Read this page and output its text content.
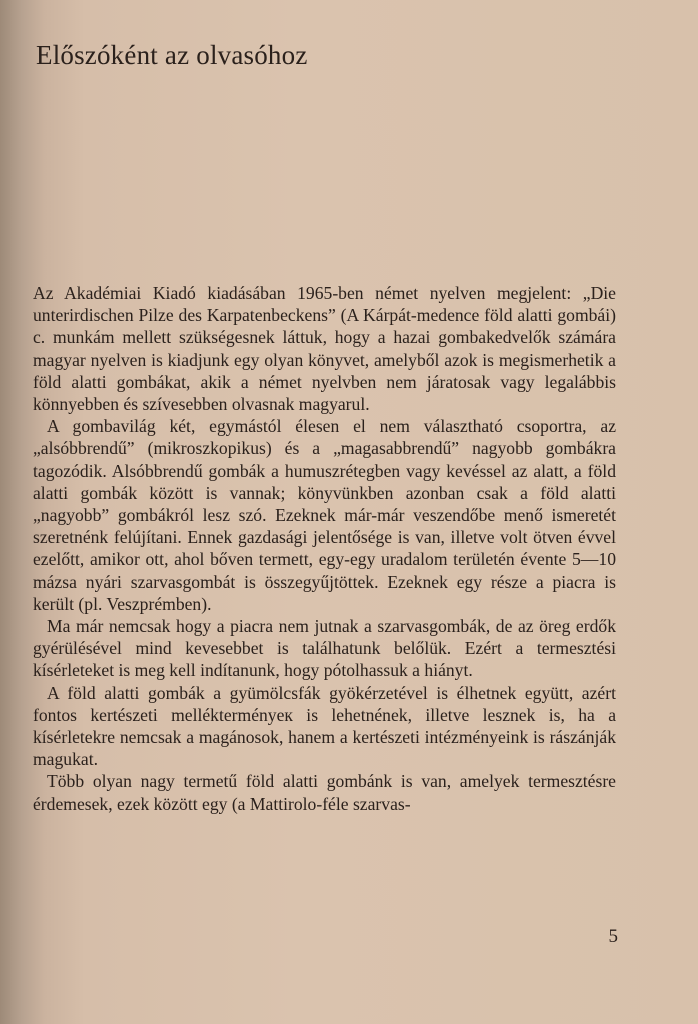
Előszóként az olvasóhoz

Az Akadémiai Kiadó kiadásában 1965-ben német nyelven megjelent: „Die unterirdischen Pilze des Karpatenbeckens” (A Kárpát-medence föld alatti gombái) c. munkám mellett szükségesnek láttuk, hogy a hazai gombakedvelők számára magyar nyelven is kiadjunk egy olyan könyvet, amelyből azok is megismerhetik a föld alatti gombákat, akik a német nyelvben nem járatosak vagy legalábbis könnyebben és szívesebben olvasnak magyarul.

A gombavilág két, egymástól élesen el nem választható csoportra, az „alsóbbrendű” (mikroszkopikus) és a „magasabbrendű” nagyobb gombákra tagozódik. Alsóbbrendű gombák a humuszrétegben vagy kevéssel az alatt, a föld alatti gombák között is vannak; könyvünkben azonban csak a föld alatti „nagyobb” gombákról lesz szó. Ezeknek már-már veszendőbe menő ismeretét szeretnénk felújítani. Ennek gazdasági jelentősége is van, illetve volt ötven évvel ezelőtt, amikor ott, ahol bőven termett, egy-egy uradalom területén évente 5—10 mázsa nyári szarvasgombát is összegyűjtöttek. Ezeknek egy része a piacra is került (pl. Veszprémben).

Ma már nemcsak hogy a piacra nem jutnak a szarvasgombák, de az öreg erdők gyérülésével mind kevesebbet is találhatunk belőlük. Ezért a termesztési kísérleteket is meg kell indítanunk, hogy pótolhassuk a hiányt.

A föld alatti gombák a gyümölcsfák gyökérzetével is élhetnek együtt, azért fontos kertészeti mellékterményeк is lehetnének, illetve lesznek is, ha a kísérletekre nemcsak a magánosok, hanem a kertészeti intézményeink is rászánják magukat.

Több olyan nagy termetű föld alatti gombánk is van, amelyek termesztésre érdemesek, ezek között egy (a Mattirolo-féle szarvas-

5
